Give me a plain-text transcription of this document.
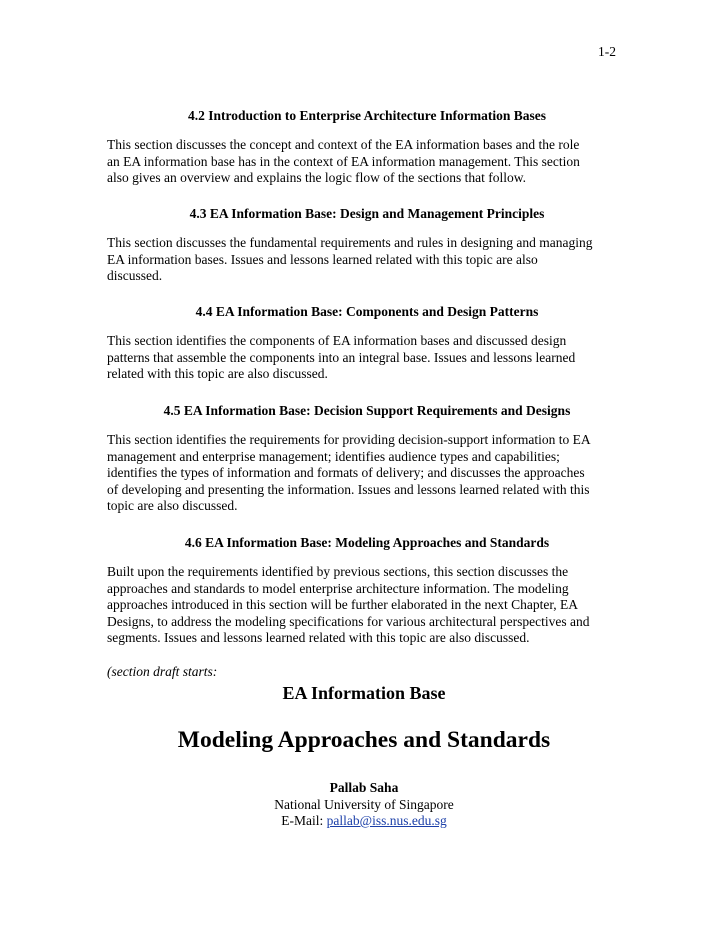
1-2
4.2 Introduction to Enterprise Architecture Information Bases
This section discusses the concept and context of the EA information bases and the role
an EA information base has in the context of EA information management. This section
also gives an overview and explains the logic flow of the sections that follow.
4.3 EA Information Base: Design and Management Principles
This section discusses the fundamental requirements and rules in designing and managing
EA information bases. Issues and lessons learned related with this topic are also
discussed.
4.4 EA Information Base: Components and Design Patterns
This section identifies the components of EA information bases and discussed design
patterns that assemble the components into an integral base. Issues and lessons learned
related with this topic are also discussed.
4.5 EA Information Base: Decision Support Requirements and Designs
This section identifies the requirements for providing decision-support information to EA
management and enterprise management; identifies audience types and capabilities;
identifies the types of information and formats of delivery; and discusses the approaches
of developing and presenting the information. Issues and lessons learned related with this
topic are also discussed.
4.6 EA Information Base: Modeling Approaches and Standards
Built upon the requirements identified by previous sections, this section discusses the
approaches and standards to model enterprise architecture information. The modeling
approaches introduced in this section will be further elaborated in the next Chapter, EA
Designs, to address the modeling specifications for various architectural perspectives and
segments. Issues and lessons learned related with this topic are also discussed.
(section draft starts:
EA Information Base
Modeling Approaches and Standards
Pallab Saha
National University of Singapore
E-Mail: pallab@iss.nus.edu.sg
